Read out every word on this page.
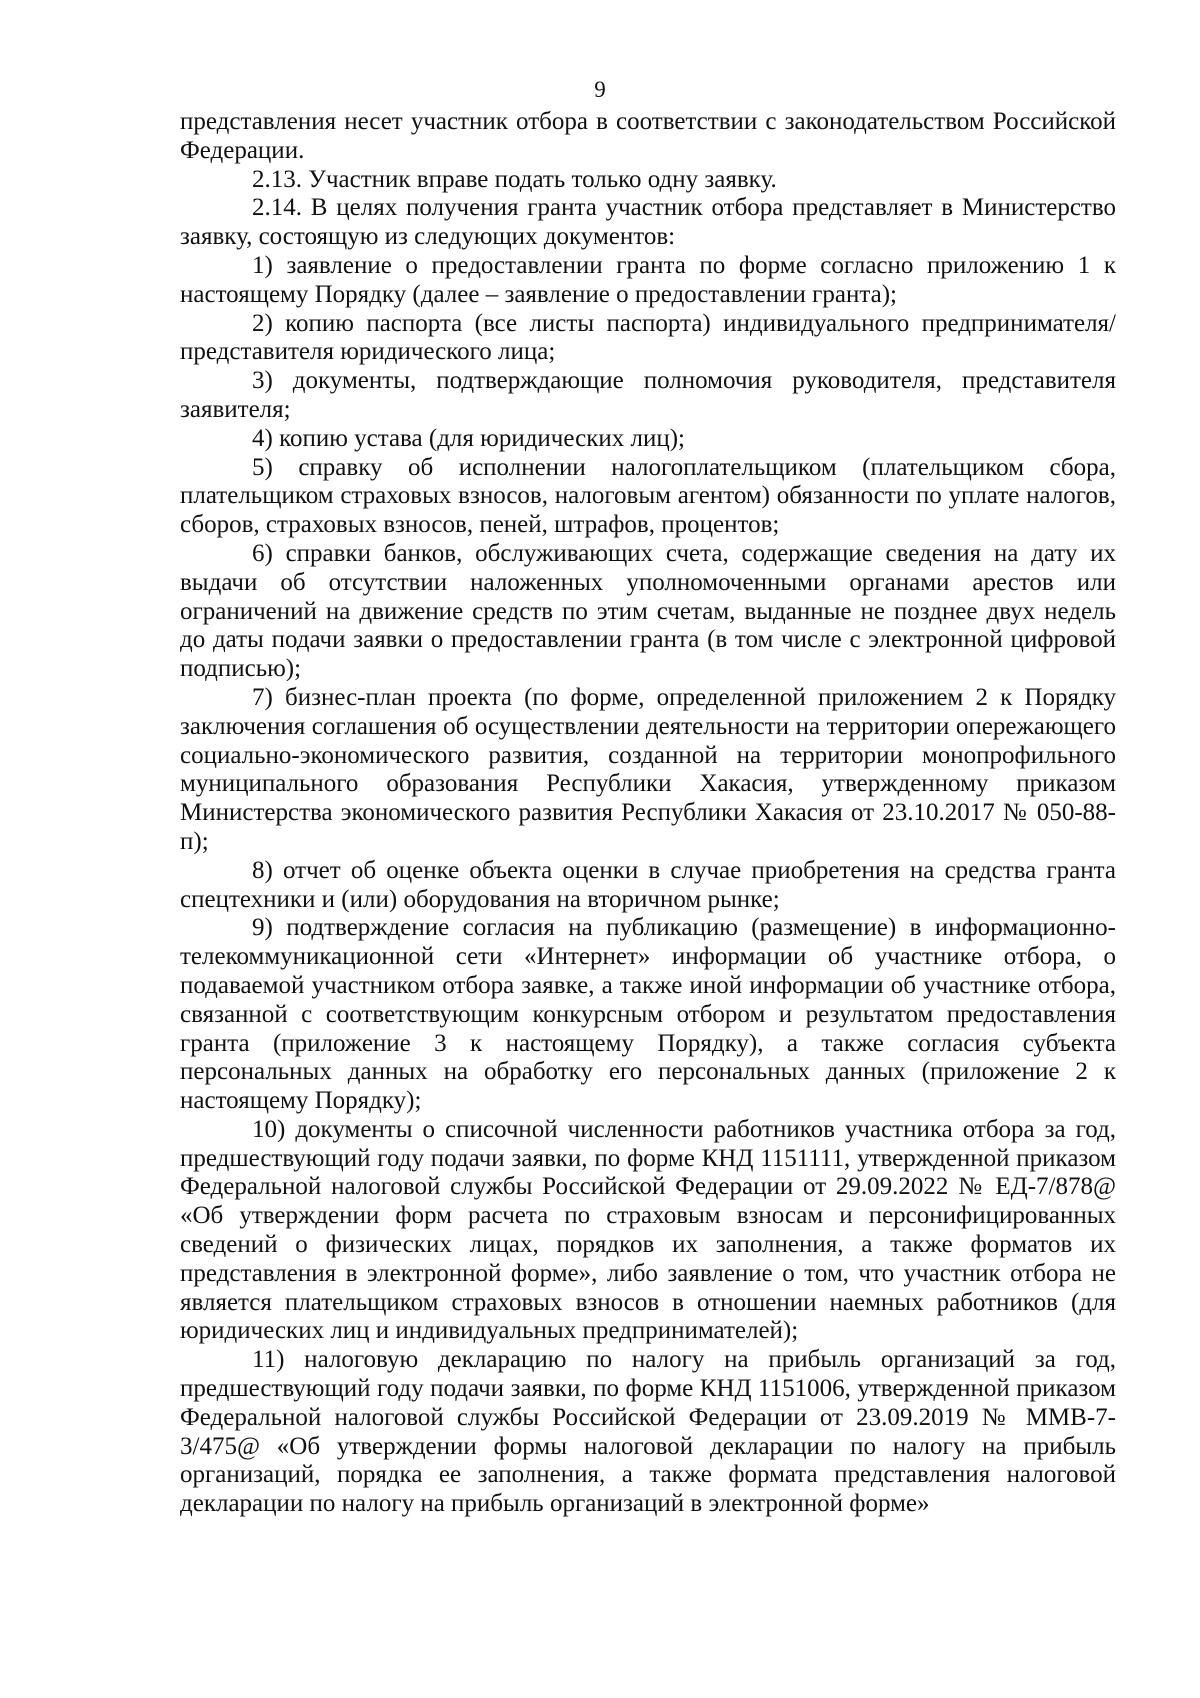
9

представления несет участник отбора в соответствии с законодательством Российской Федерации.

2.13. Участник вправе подать только одну заявку.

2.14. В целях получения гранта участник отбора представляет в Министерство заявку, состоящую из следующих документов:

1) заявление о предоставлении гранта по форме согласно приложению 1 к настоящему Порядку (далее – заявление о предоставлении гранта);

2) копию паспорта (все листы паспорта) индивидуального предпринимателя/представителя юридического лица;

3) документы, подтверждающие полномочия руководителя, представителя заявителя;

4) копию устава (для юридических лиц);

5) справку об исполнении налогоплательщиком (плательщиком сбора, плательщиком страховых взносов, налоговым агентом) обязанности по уплате налогов, сборов, страховых взносов, пеней, штрафов, процентов;

6) справки банков, обслуживающих счета, содержащие сведения на дату их выдачи об отсутствии наложенных уполномоченными органами арестов или ограничений на движение средств по этим счетам, выданные не позднее двух недель до даты подачи заявки о предоставлении гранта (в том числе с электронной цифровой подписью);

7) бизнес-план проекта (по форме, определенной приложением 2 к Порядку заключения соглашения об осуществлении деятельности на территории опережающего социально-экономического развития, созданной на территории монопрофильного муниципального образования Республики Хакасия, утвержденному приказом Министерства экономического развития Республики Хакасия от 23.10.2017 № 050-88-п);

8) отчет об оценке объекта оценки в случае приобретения на средства гранта спецтехники и (или) оборудования на вторичном рынке;

9) подтверждение согласия на публикацию (размещение) в информационно-телекоммуникационной сети «Интернет» информации об участнике отбора, о подаваемой участником отбора заявке, а также иной информации об участнике отбора, связанной с соответствующим конкурсным отбором и результатом предоставления гранта (приложение 3 к настоящему Порядку), а также согласия субъекта персональных данных на обработку его персональных данных (приложение 2 к настоящему Порядку);

10) документы о списочной численности работников участника отбора за год, предшествующий году подачи заявки, по форме КНД 1151111, утвержденной приказом Федеральной налоговой службы Российской Федерации от 29.09.2022 № ЕД-7/878@ «Об утверждении форм расчета по страховым взносам и персонифицированных сведений о физических лицах, порядков их заполнения, а также форматов их представления в электронной форме», либо заявление о том, что участник отбора не является плательщиком страховых взносов в отношении наемных работников (для юридических лиц и индивидуальных предпринимателей);

11) налоговую декларацию по налогу на прибыль организаций за год, предшествующий году подачи заявки, по форме КНД 1151006, утвержденной приказом Федеральной налоговой службы Российской Федерации от 23.09.2019 № ММВ-7-3/475@ «Об утверждении формы налоговой декларации по налогу на прибыль организаций, порядка ее заполнения, а также формата представления налоговой декларации по налогу на прибыль организаций в электронной форме»
